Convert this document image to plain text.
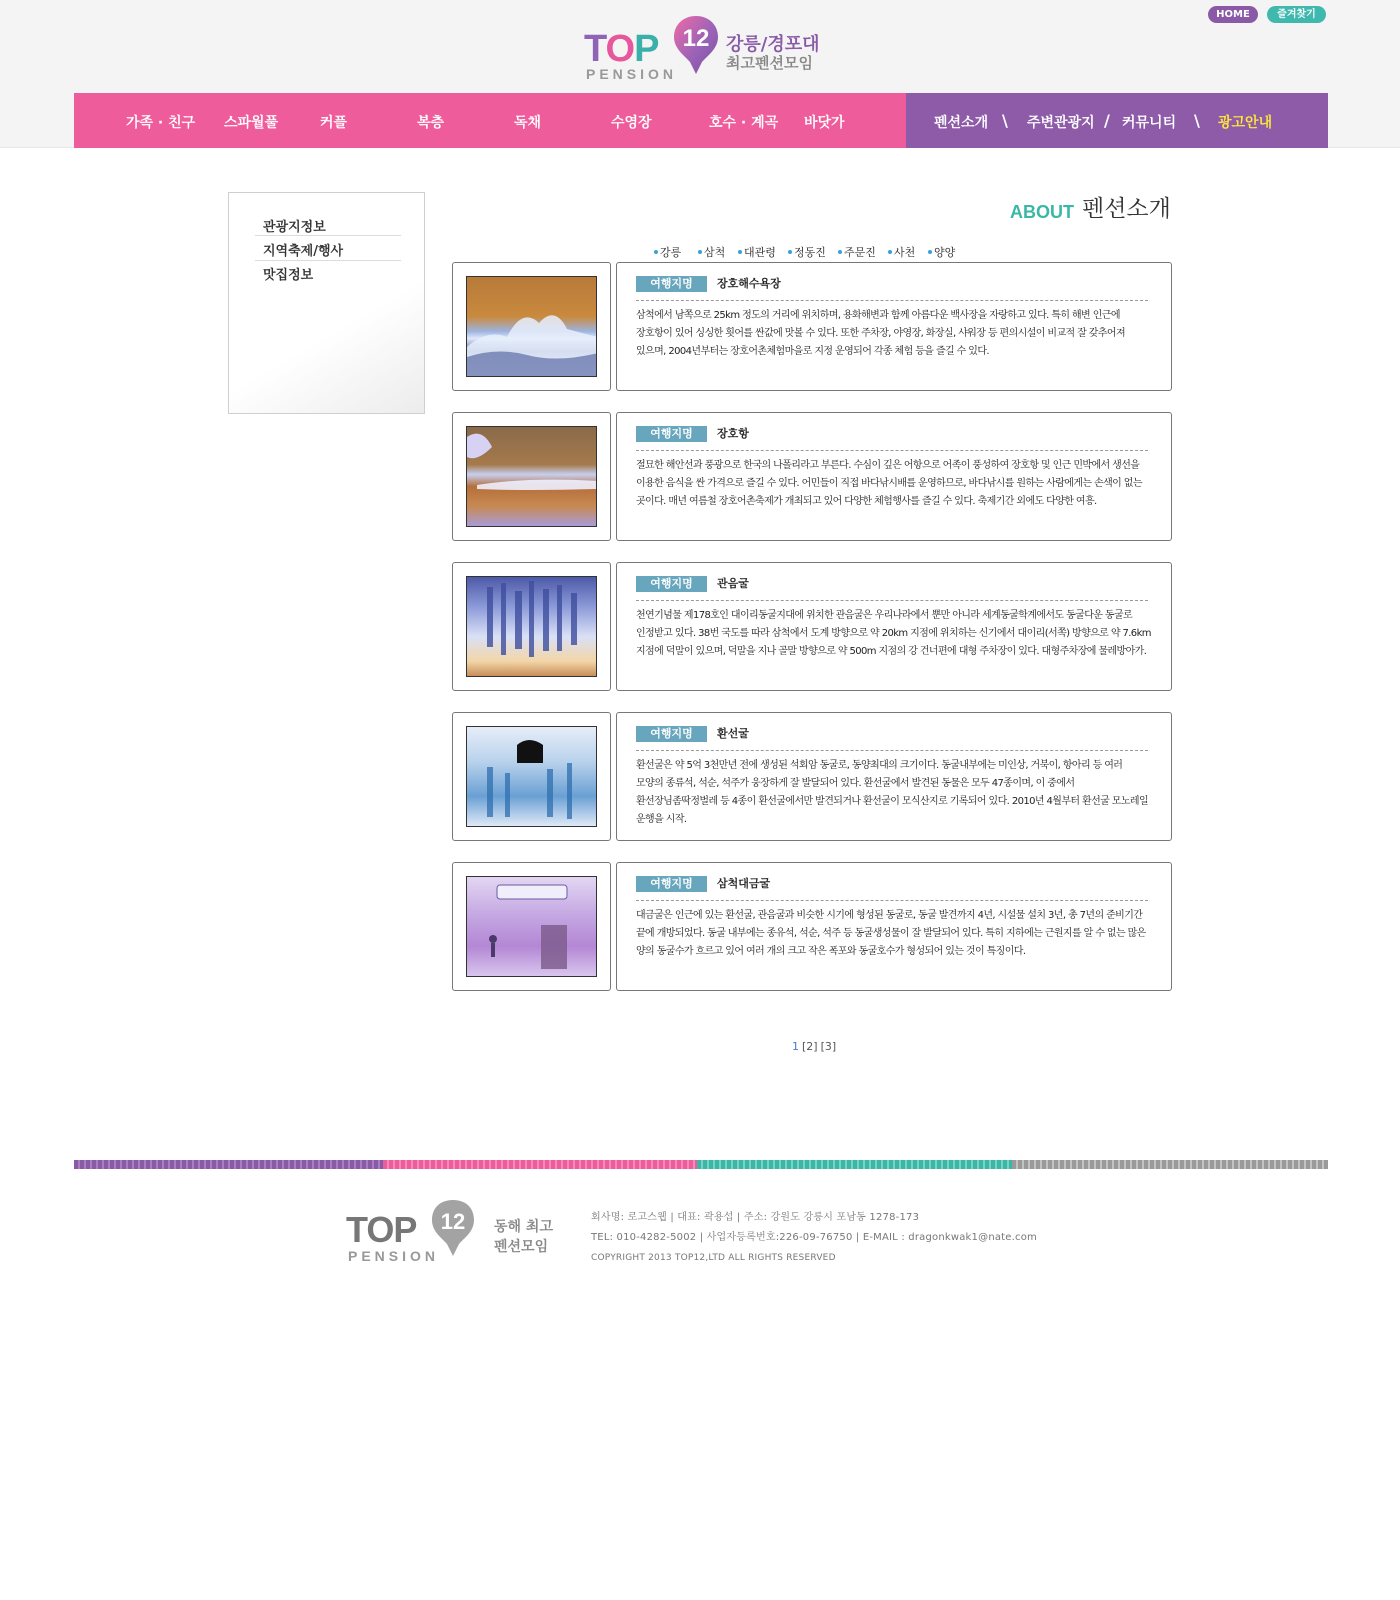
HOME	즐겨찾기
TOP
PENSION
12 강릉/경포대
최고펜션모임
가족 · 친구 스파월풀	커플	복층	독채	수영장	호수 · 계곡 바닷가	펜션소개 \ 주변관광지 / 커뮤니티 \ 광고안내
관광지정보
지역축제/행사
맛집정보
ABOUT 펜션소개
강릉	삼척	대관령	정동진	주문진	사천	양양
여행지명	장호해수욕장
삼척에서 남쪽으로 25km 정도의 거리에 위치하며, 용화해변과 함께 아름다운 백사장을 자랑하고 있다. 특히 해변 인근에 장호항이 있어 싱싱한 횟어를 싼값에 맛볼 수 있다. 또한 주차장, 야영장, 화장실, 샤워장 등 편의시설이 비교적 잘 갖추어져 있으며, 2004년부터는 장호어촌체험마을로 지정 운영되어 각종 체험 등을 즐길 수 있다.
여행지명	장호항
절묘한 해안선과 풍광으로 한국의 나폴리라고 부른다. 수심이 깊은 어항으로 어족이 풍성하여 장호항 및 인근 민박에서 생선을 이용한 음식을 싼 가격으로 즐길 수 있다. 어민들이 직접 바다낚시배를 운영하므로, 바다낚시를 원하는 사람에게는 손색이 없는 곳이다. 매년 여름철 장호어촌축제가 개최되고 있어 다양한 체험행사를 즐길 수 있다. 축제기간 외에도 다양한 여흥.
여행지명	관음굴
천연기념물 제178호인 대이리동굴지대에 위치한 관음굴은 우리나라에서 뿐만 아니라 세계동굴학계에서도 동굴다운 동굴로 인정받고 있다. 38번 국도를 따라 삼척에서 도계 방향으로 약 20km 지점에 위치하는 신기에서 대이리(서쪽) 방향으로 약 7.6km 지점에 덕말이 있으며, 덕말을 지나 골말 방향으로 약 500m 지점의 강 건너편에 대형 주차장이 있다. 대형주차장에 물레방아가.
여행지명	환선굴
환선굴은 약 5억 3천만년 전에 생성된 석회암 동굴로, 동양최대의 크기이다. 동굴내부에는 미인상, 거북이, 항아리 등 여러 모양의 종류석, 석순, 석주가 웅장하게 잘 발달되어 있다. 환선굴에서 발견된 동물은 모두 47종이며, 이 중에서 환선장님좀딱정벌레 등 4종이 환선굴에서만 발견되거나 환선굴이 모식산지로 기록되어 있다. 2010년 4월부터 환선굴 모노레일 운행을 시작.
여행지명	삼척대금굴
대금굴은 인근에 있는 환선굴, 관음굴과 비슷한 시기에 형성된 동굴로, 동굴 발견까지 4년, 시설물 설치 3년, 총 7년의 준비기간 끝에 개방되었다. 동굴 내부에는 종유석, 석순, 석주 등 동굴생성물이 잘 발달되어 있다. 특히 지하에는 근원지를 알 수 없는 많은 양의 동굴수가 흐르고 있어 여러 개의 크고 작은 폭포와 동굴호수가 형성되어 있는 것이 특징이다.
1 [2] [3]
TOP
PENSION
12 동해 최고
펜션모임
회사명: 로고스웹 | 대표: 곽용섭 | 주소: 강원도 강릉시 포남동 1278-173
TEL: 010-4282-5002 | 사업자등록번호:226-09-76750 | E-MAIL : dragonkwak1@nate.com
COPYRIGHT 2013 TOP12,LTD ALL RIGHTS RESERVED
